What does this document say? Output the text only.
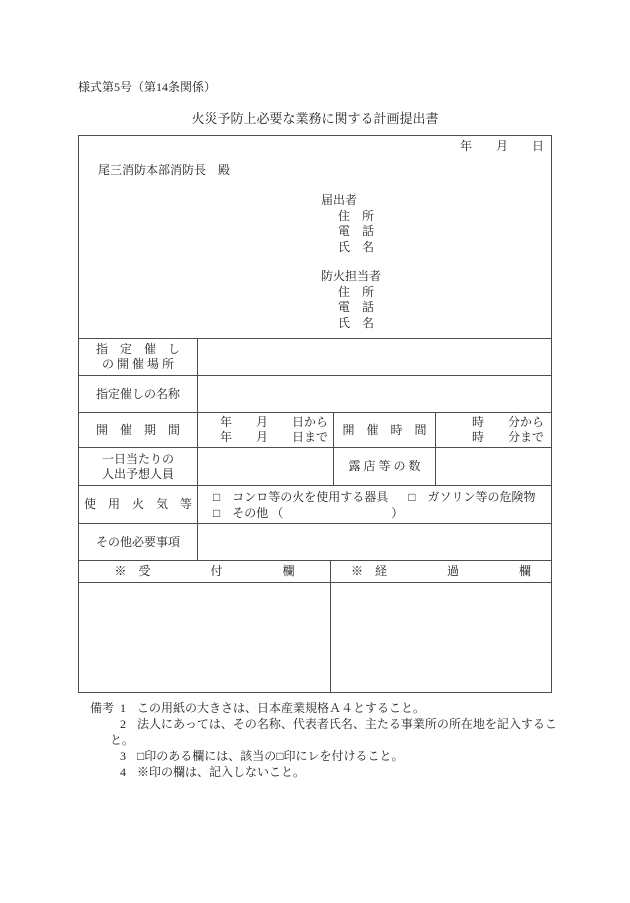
様式第5号（第14条関係）
火災予防上必要な業務に関する計画提出書
年　　月　　日
尾三消防本部消防長　殿
届出者
住　所
電　話
氏　名
防火担当者
住　所
電　話
氏　名
指　定　催　し
の 開 催 場 所
指定催しの名称
開　催　期　間
年　　月　　日から
年　　月　　日まで
開　催　時　間
時　　分から
時　　分まで
一日当たりの
人出予想人員
露 店 等 の 数
使　用　火　気　等	□　コンロ等の火を使用する器具 □　ガソリン等の危険物
□　その他 （　　　　　　　　　）
その他必要事項
※　受　　　　　付　　　　　欄	※　経　　　　　過　　　　　欄
備考 1 この用紙の大きさは、日本産業規格Ａ４とすること。
2 法人にあっては、その名称、代表者氏名、主たる事業所の所在地を記入するこ
と。
3 □印のある欄には、該当の□印にレを付けること。
4 ※印の欄は、記入しないこと。
